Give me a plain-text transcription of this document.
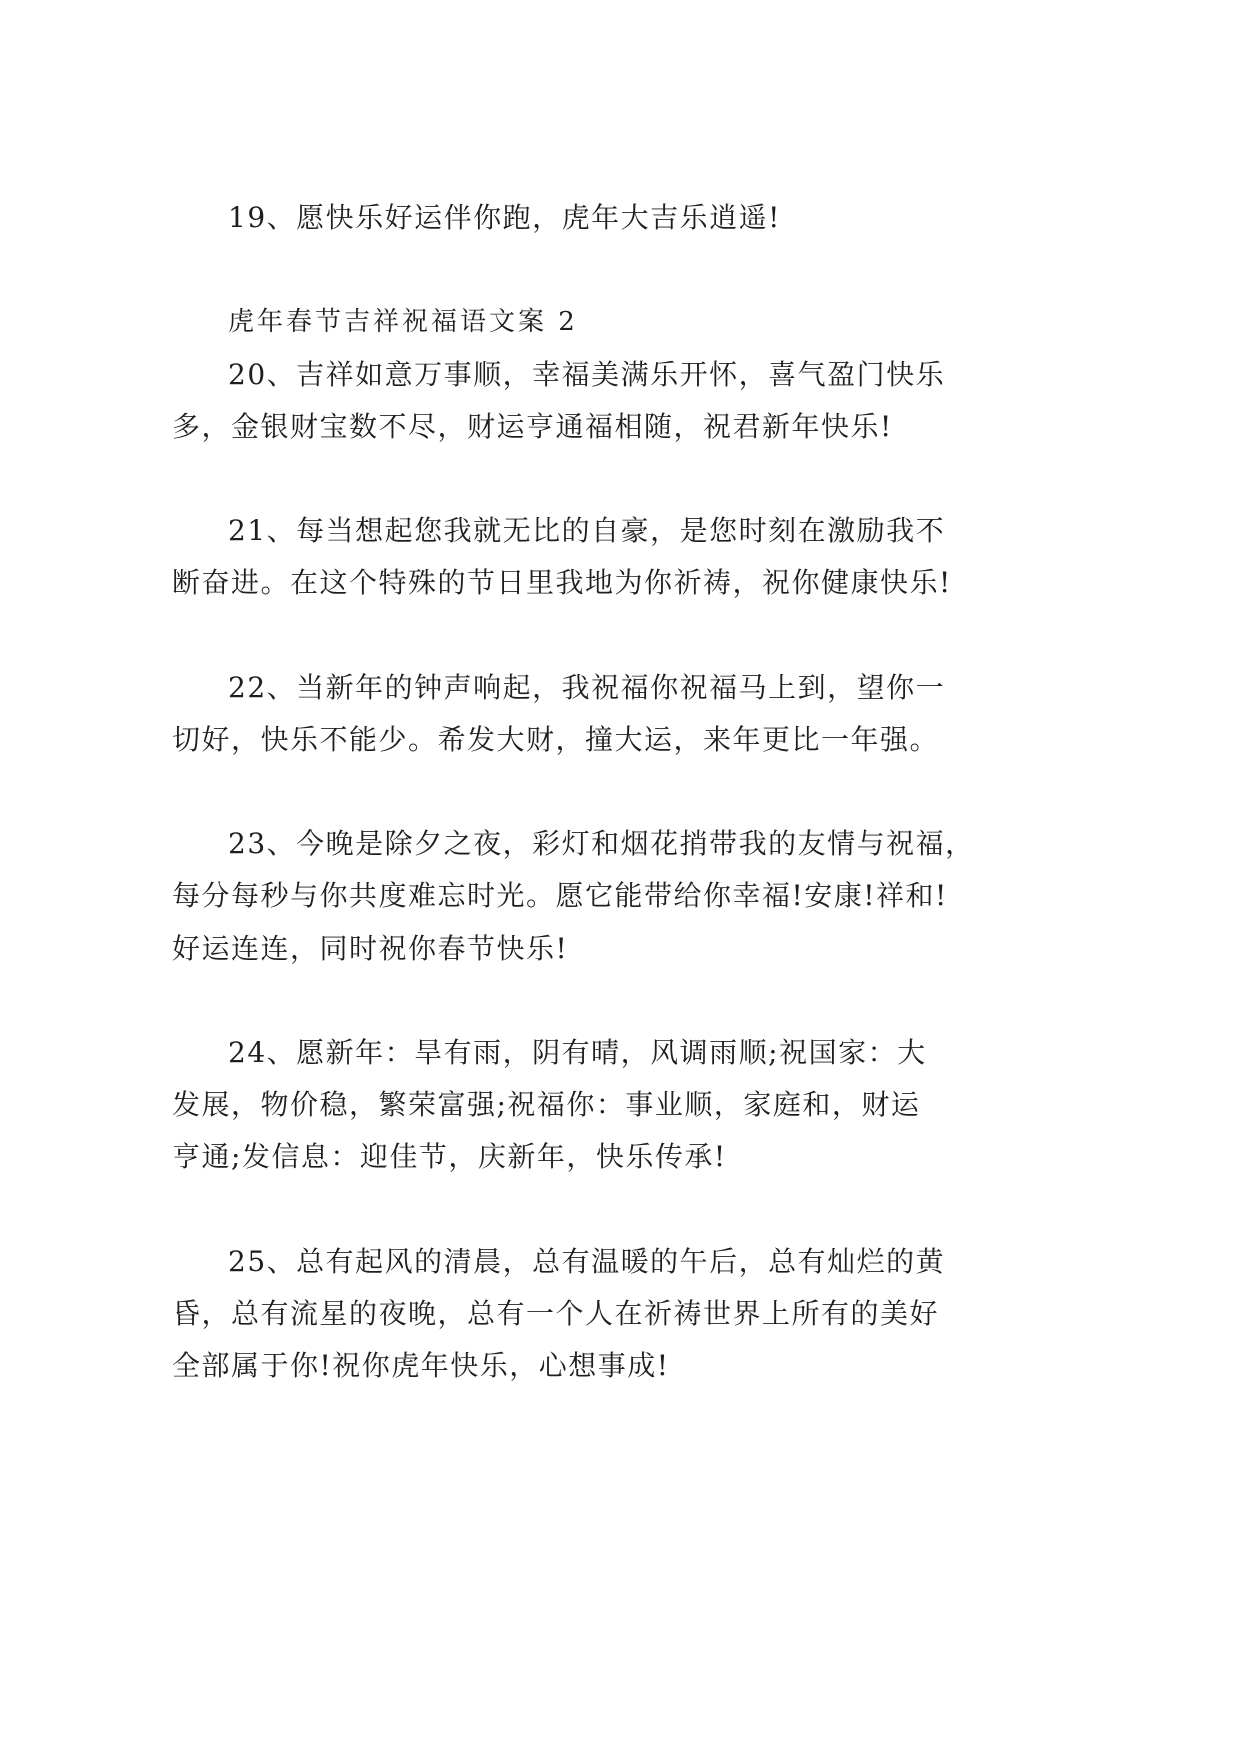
19、愿快乐好运伴你跑，虎年大吉乐逍遥!
虎年春节吉祥祝福语文案 2
20、吉祥如意万事顺，幸福美满乐开怀，喜气盈门快乐
多，金银财宝数不尽，财运亨通福相随，祝君新年快乐!
21、每当想起您我就无比的自豪，是您时刻在激励我不
断奋进。在这个特殊的节日里我地为你祈祷，祝你健康快乐!
22、当新年的钟声响起，我祝福你祝福马上到，望你一
切好，快乐不能少。希发大财，撞大运，来年更比一年强。
23、今晚是除夕之夜，彩灯和烟花捎带我的友情与祝福，
每分每秒与你共度难忘时光。愿它能带给你幸福!安康!祥和!
好运连连，同时祝你春节快乐!
24、愿新年：旱有雨，阴有晴，风调雨顺;祝国家：大
发展，物价稳，繁荣富强;祝福你：事业顺，家庭和，财运
亨通;发信息：迎佳节，庆新年，快乐传承!
25、总有起风的清晨，总有温暖的午后，总有灿烂的黄
昏，总有流星的夜晚，总有一个人在祈祷世界上所有的美好
全部属于你!祝你虎年快乐，心想事成!
